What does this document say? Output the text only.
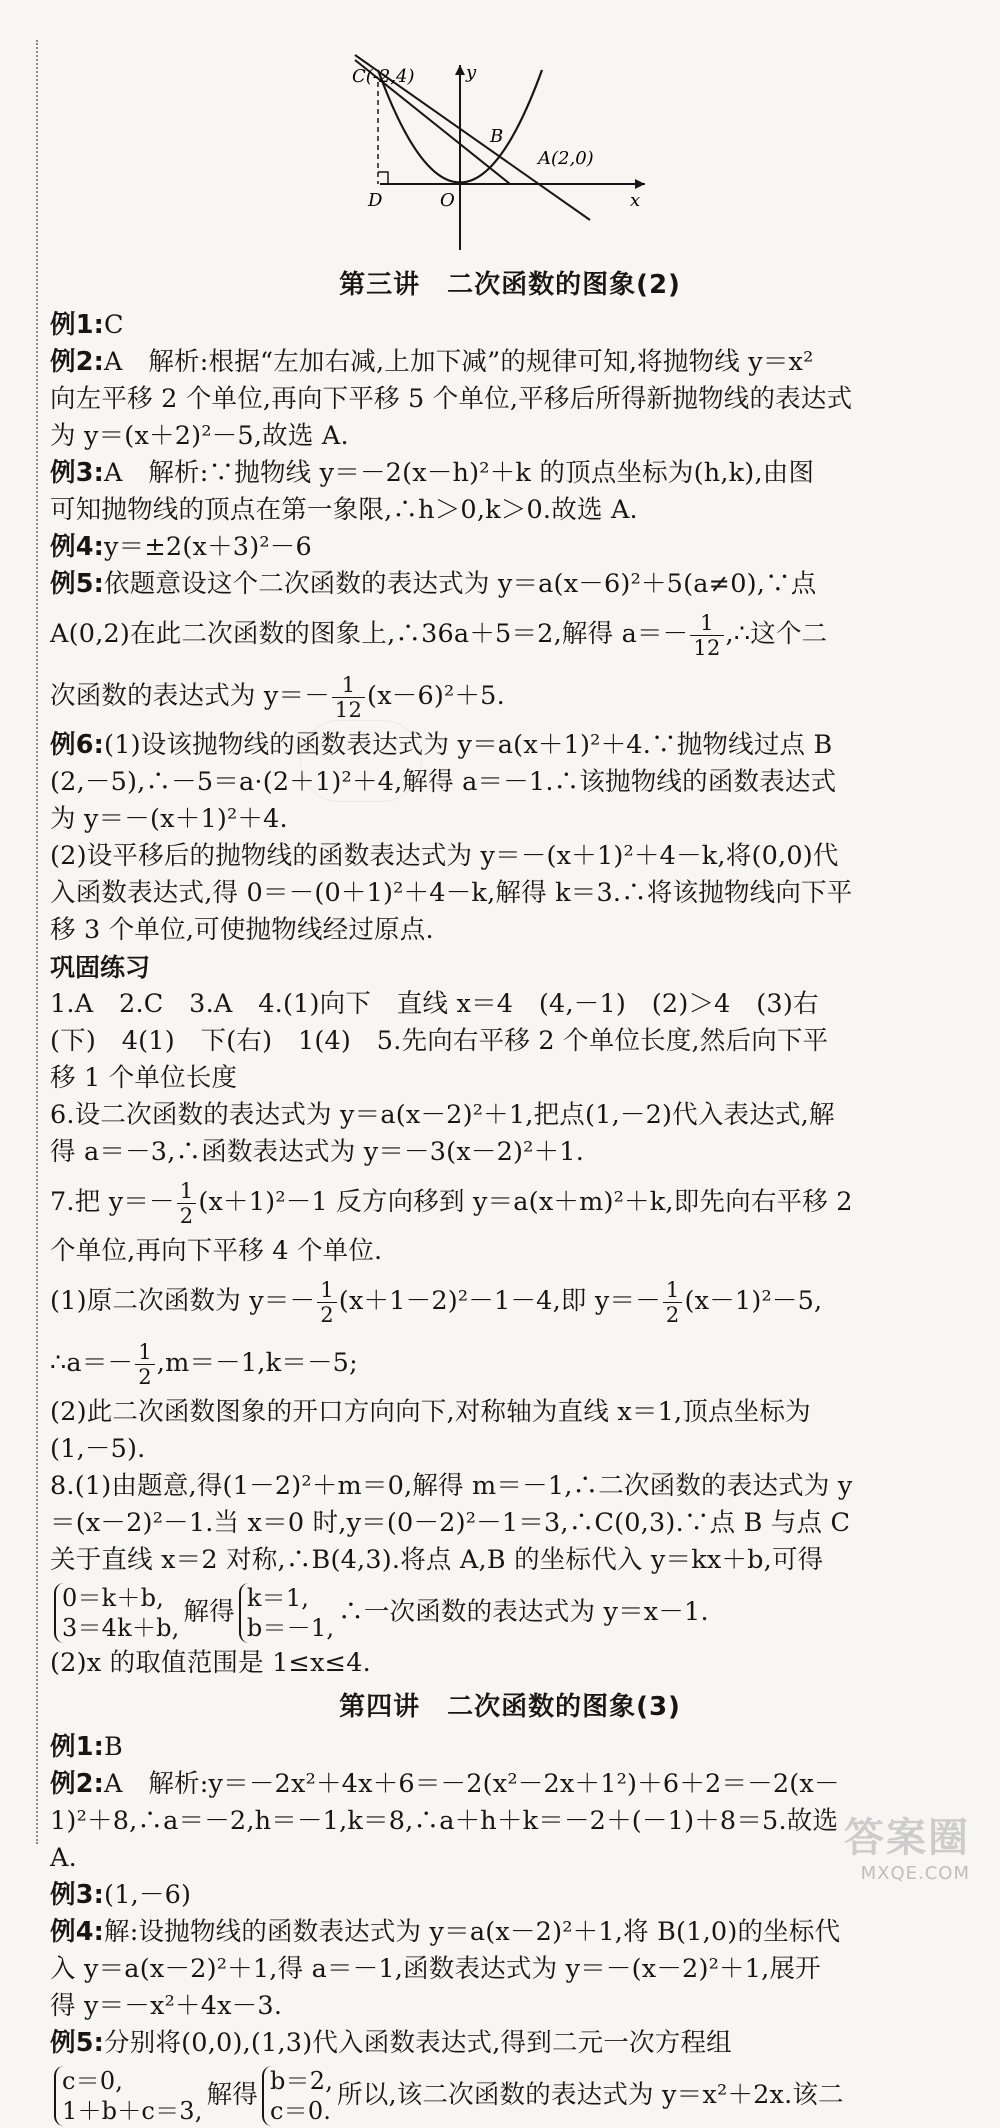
C(-2,4)	y
B
A(2,0)
D	O	x
第三讲　二次函数的图象(2)
例1:C
例2:A　解析:根据“左加右减,上加下减”的规律可知,将抛物线 y＝x²
向左平移 2 个单位,再向下平移 5 个单位,平移后所得新抛物线的表达式
为 y＝(x＋2)²－5,故选 A.
例3:A　解析:∵抛物线 y＝－2(x－h)²＋k 的顶点坐标为(h,k),由图
可知抛物线的顶点在第一象限,∴h＞0,k＞0.故选 A.
例4:y＝±2(x＋3)²－6
例5:依题意设这个二次函数的表达式为 y＝a(x－6)²＋5(a≠0),∵点
A(0,2)在此二次函数的图象上,∴36a＋5＝2,解得 $a=- \frac{1}{12}$ ,∴这个二
次函数的表达式为 $y=- \frac{1}{12} (x-6)^2+5$.
例6:(1)设该抛物线的函数表达式为 y＝a(x＋1)²＋4.∵抛物线过点 B
(2,－5),∴－5＝a·(2＋1)²＋4,解得 a＝－1.∴该抛物线的函数表达式
为 y＝－(x＋1)²＋4.
(2)设平移后的抛物线的函数表达式为 y＝－(x＋1)²＋4－k,将(0,0)代
入函数表达式,得 0＝－(0＋1)²＋4－k,解得 k＝3.∴将该抛物线向下平
移 3 个单位,可使抛物线经过原点.
巩固练习
1.A　2.C　3.A　4.(1)向下　直线 x＝4　(4,－1)　(2)＞4　(3)右
(下)　4(1)　下(右)　1(4)　5.先向右平移 2 个单位长度,然后向下平
移 1 个单位长度
6.设二次函数的表达式为 y＝a(x－2)²＋1,把点(1,－2)代入表达式,解
得 a＝－3,∴函数表达式为 y＝－3(x－2)²＋1.
7.把 $y=- \frac{1}{2} (x+1)^2-1$ 反方向移到 y＝a(x＋m)²＋k,即先向右平移 2
个单位,再向下平移 4 个单位.
(1)原二次函数为 $y=- \frac{1}{2} (x+1-2)^2-1-4$,即 $y=- \frac{1}{2} (x-1)^2-5$,
∴a＝－ $\frac{1}{2} ,m=-1,k=-5$;
(2)此二次函数图象的开口方向向下,对称轴为直线 x＝1,顶点坐标为
(1,－5).
8.(1)由题意,得(1－2)²＋m＝0,解得 m＝－1,∴二次函数的表达式为 y
＝(x－2)²－1.当 x＝0 时,y＝(0－2)²－1＝3,∴C(0,3).∵点 B 与点 C
关于直线 x＝2 对称,∴B(4,3).将点 A,B 的坐标代入 y＝kx＋b,可得
0＝k＋b,
3＝4k＋b,
解得 k＝1,
b＝－1,
∴一次函数的表达式为 y＝x－1.
(2)x 的取值范围是 1≤x≤4.
第四讲　二次函数的图象(3)
例1:B
例2:A　解析:y＝－2x²＋4x＋6＝－2(x²－2x＋1²)＋6＋2＝－2(x－
1)²＋8,∴a＝－2,h＝－1,k＝8,∴a＋h＋k＝－2＋(－1)＋8＝5.故选
A.
例3:(1,－6)
例4:解:设抛物线的函数表达式为 y＝a(x－2)²＋1,将 B(1,0)的坐标代
入 y＝a(x－2)²＋1,得 a＝－1,函数表达式为 y＝－(x－2)²＋1,展开
得 y＝－x²＋4x－3.
例5:分别将(0,0),(1,3)代入函数表达式,得到二元一次方程组
c＝0,
1＋b＋c＝3,
解得 b＝2,
c＝0.
所以,该二次函数的表达式为 y＝x²＋2x.该二
答案圈
MXQE.COM
